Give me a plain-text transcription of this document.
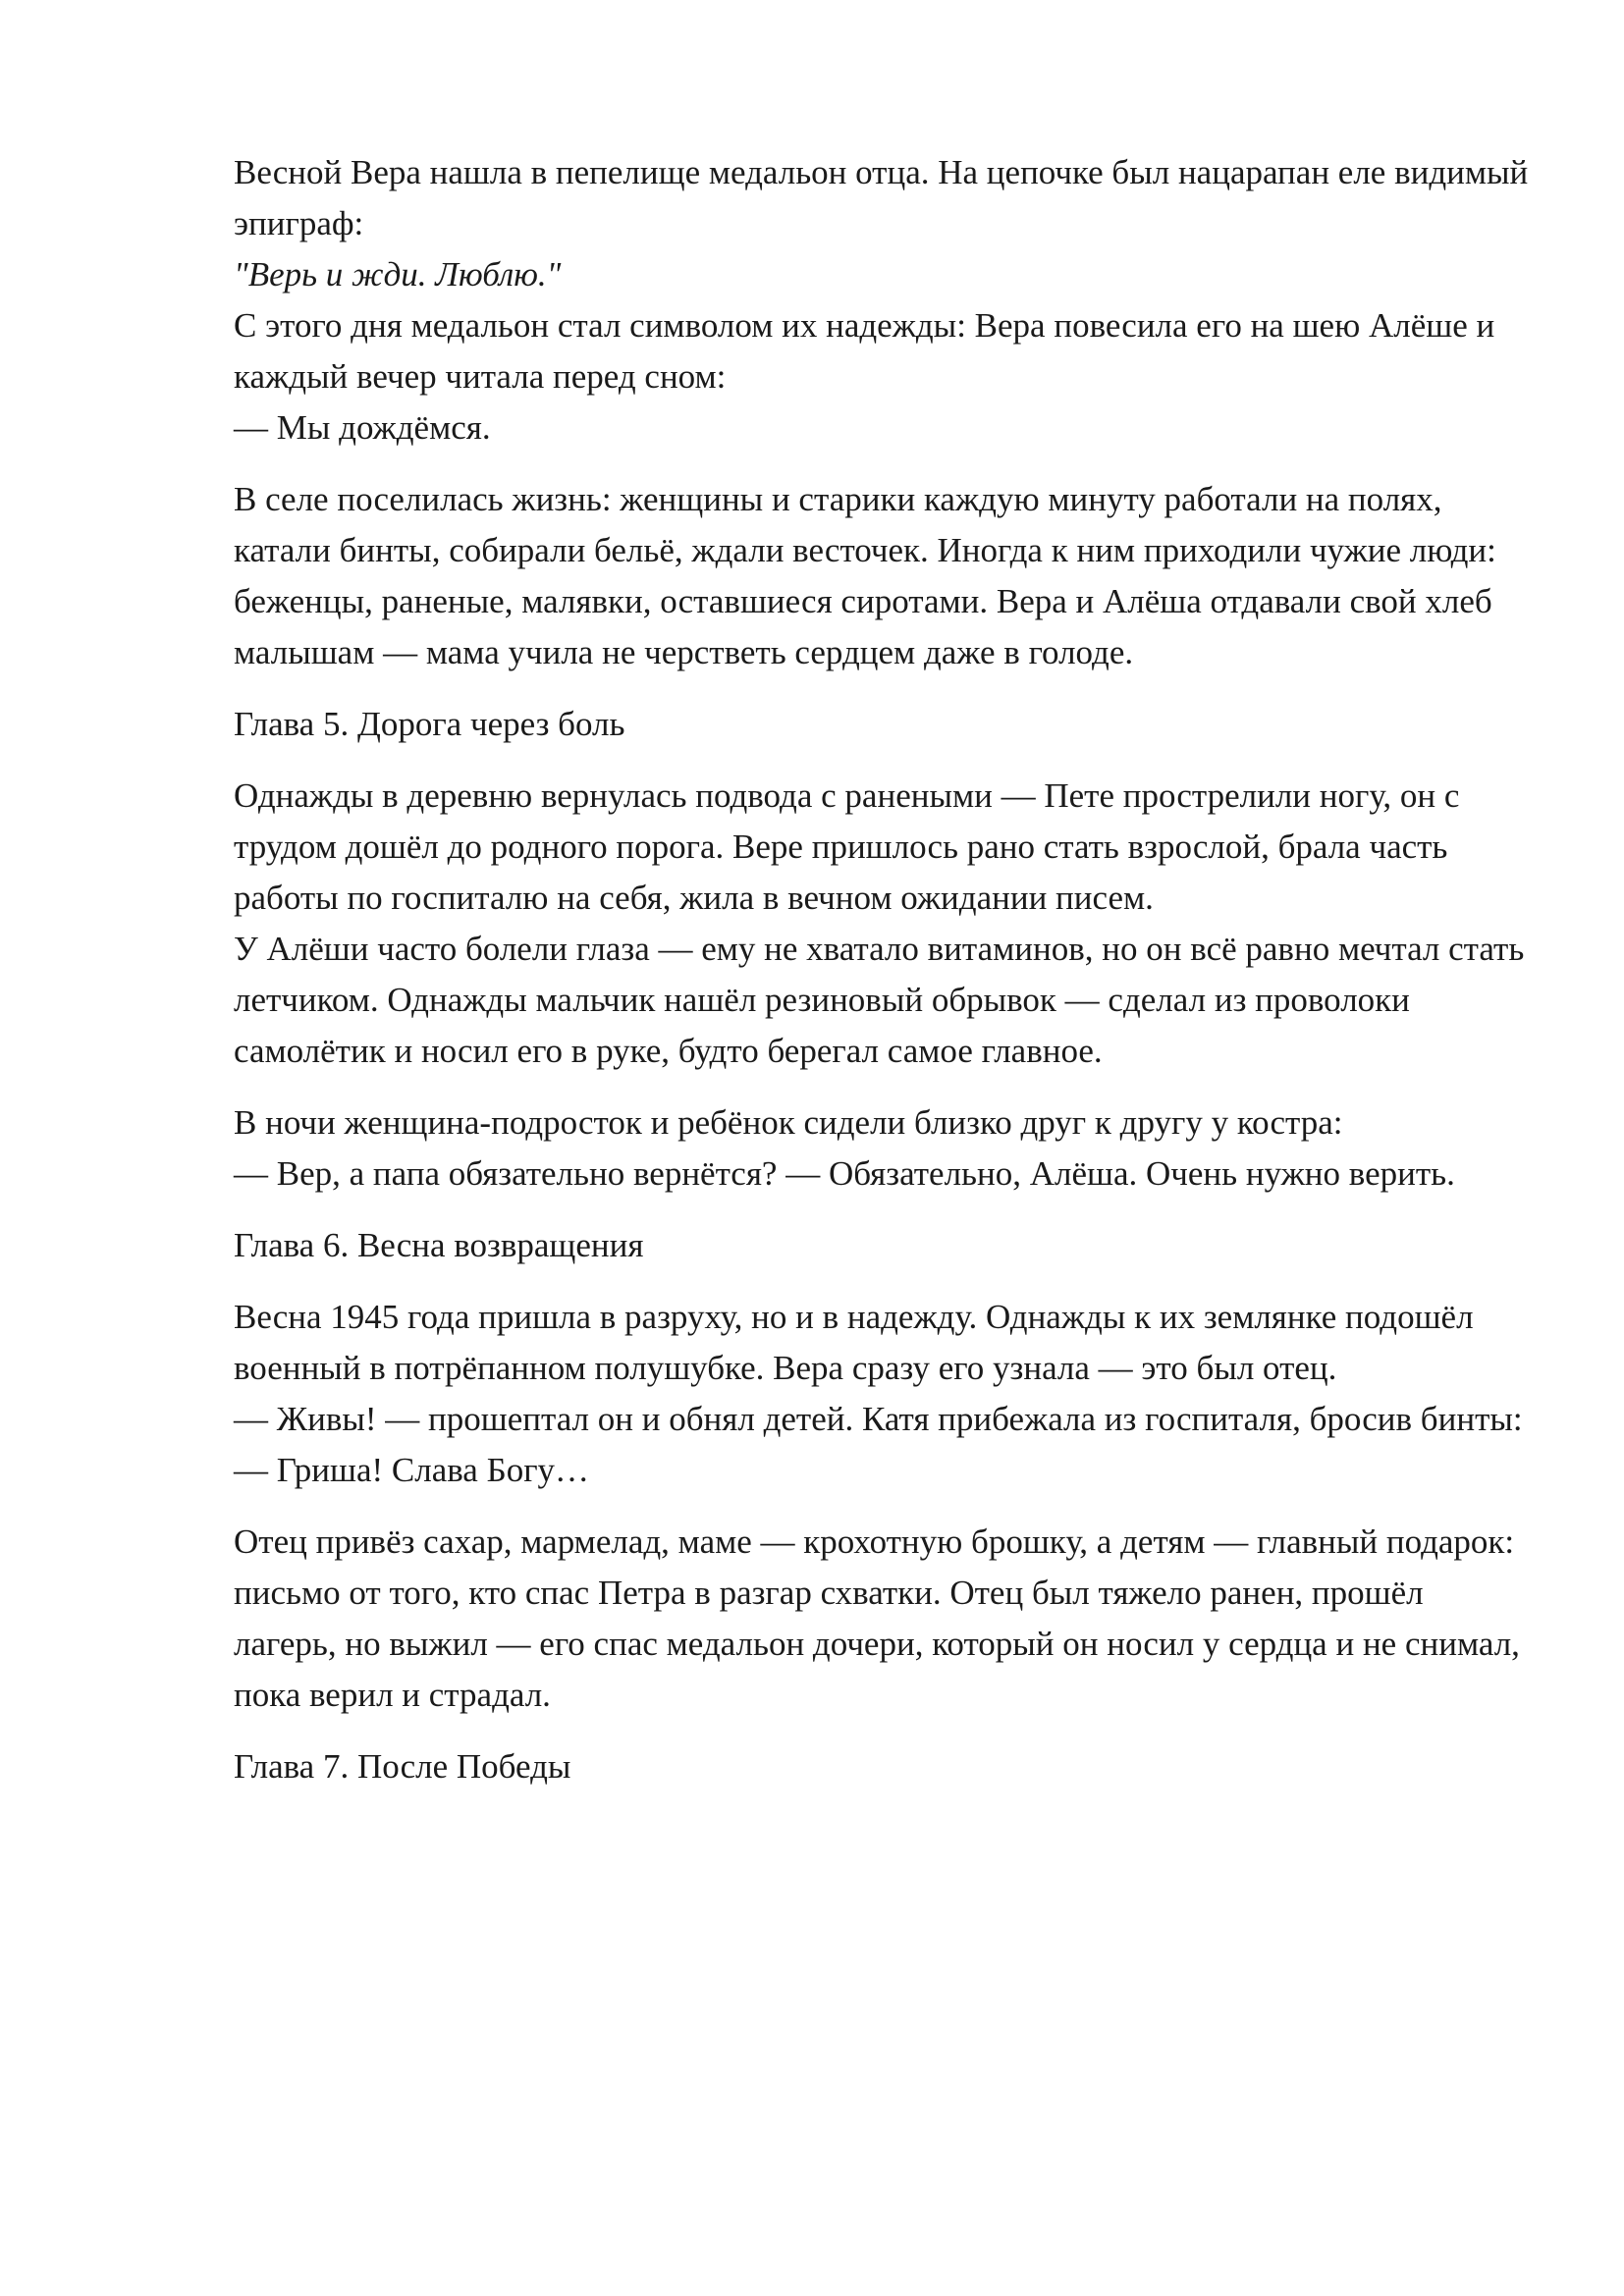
Весной Вера нашла в пепелище медальон отца. На цепочке был нацарапан еле видимый эпиграф:
"Верь и жди. Люблю."
С этого дня медальон стал символом их надежды: Вера повесила его на шею Алёше и каждый вечер читала перед сном:
— Мы дождёмся.
В селе поселилась жизнь: женщины и старики каждую минуту работали на полях, катали бинты, собирали бельё, ждали весточек. Иногда к ним приходили чужие люди: беженцы, раненые, малявки, оставшиеся сиротами. Вера и Алёша отдавали свой хлеб малышам — мама учила не черстветь сердцем даже в голоде.
Глава 5. Дорога через боль
Однажды в деревню вернулась подвода с ранеными — Пете прострелили ногу, он с трудом дошёл до родного порога. Вере пришлось рано стать взрослой, брала часть работы по госпиталю на себя, жила в вечном ожидании писем.
У Алёши часто болели глаза — ему не хватало витаминов, но он всё равно мечтал стать летчиком. Однажды мальчик нашёл резиновый обрывок — сделал из проволоки самолётик и носил его в руке, будто берегал самое главное.
В ночи женщина-подросток и ребёнок сидели близко друг к другу у костра:
— Вер, а папа обязательно вернётся? — Обязательно, Алёша. Очень нужно верить.
Глава 6. Весна возвращения
Весна 1945 года пришла в разруху, но и в надежду. Однажды к их землянке подошёл военный в потрёпанном полушубке. Вера сразу его узнала — это был отец.
— Живы! — прошептал он и обнял детей. Катя прибежала из госпиталя, бросив бинты:
— Гриша! Слава Богу…
Отец привёз сахар, мармелад, маме — крохотную брошку, а детям — главный подарок: письмо от того, кто спас Петра в разгар схватки. Отец был тяжело ранен, прошёл лагерь, но выжил — его спас медальон дочери, который он носил у сердца и не снимал, пока верил и страдал.
Глава 7. После Победы
